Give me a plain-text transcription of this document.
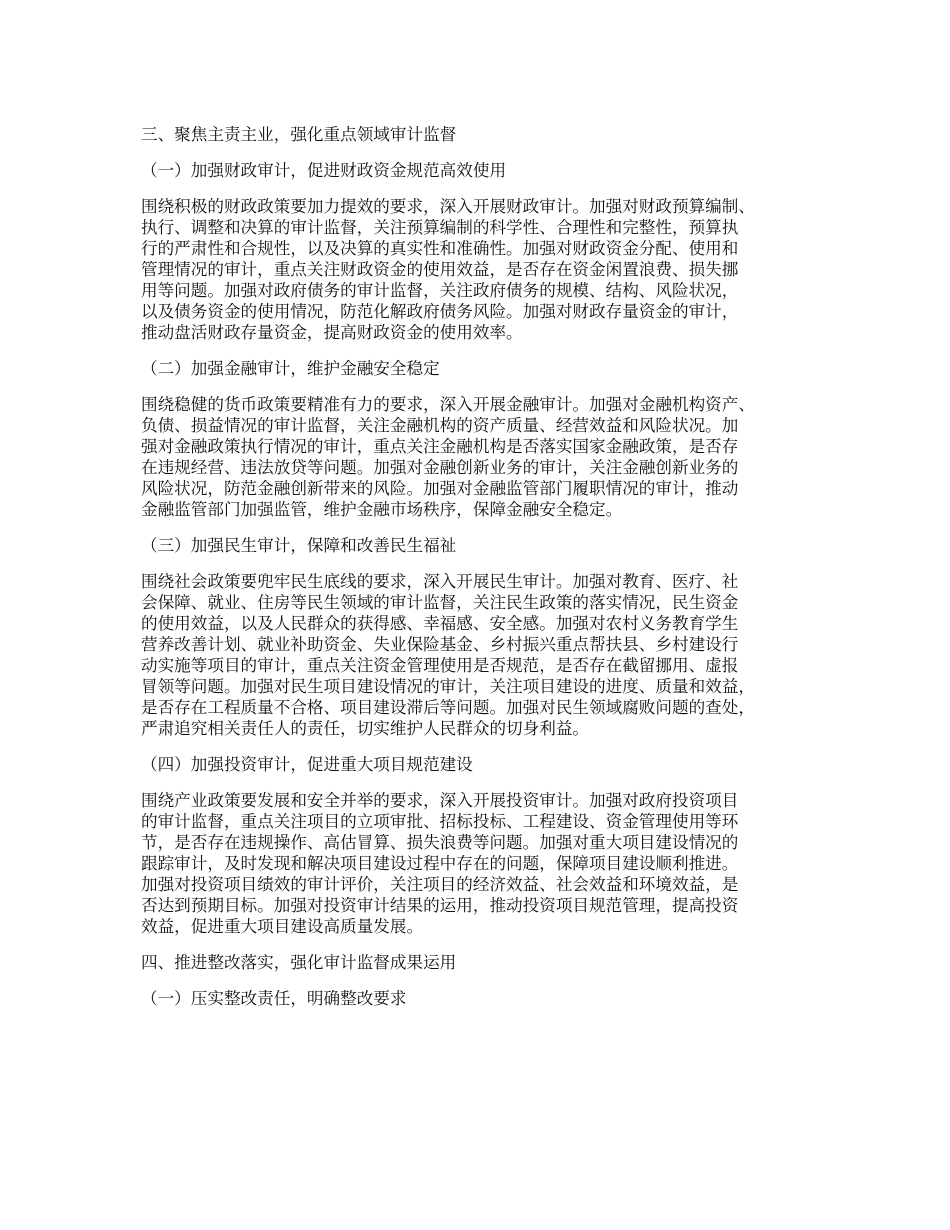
三、聚焦主责主业，强化重点领域审计监督

（一）加强财政审计，促进财政资金规范高效使用

围绕积极的财政政策要加力提效的要求，深入开展财政审计。加强对财政预算编制、
执行、调整和决算的审计监督，关注预算编制的科学性、合理性和完整性，预算执
行的严肃性和合规性，以及决算的真实性和准确性。加强对财政资金分配、使用和
管理情况的审计，重点关注财政资金的使用效益，是否存在资金闲置浪费、损失挪
用等问题。加强对政府债务的审计监督，关注政府债务的规模、结构、风险状况，
以及债务资金的使用情况，防范化解政府债务风险。加强对财政存量资金的审计，
推动盘活财政存量资金，提高财政资金的使用效率。

（二）加强金融审计，维护金融安全稳定

围绕稳健的货币政策要精准有力的要求，深入开展金融审计。加强对金融机构资产、
负债、损益情况的审计监督，关注金融机构的资产质量、经营效益和风险状况。加
强对金融政策执行情况的审计，重点关注金融机构是否落实国家金融政策，是否存
在违规经营、违法放贷等问题。加强对金融创新业务的审计，关注金融创新业务的
风险状况，防范金融创新带来的风险。加强对金融监管部门履职情况的审计，推动
金融监管部门加强监管，维护金融市场秩序，保障金融安全稳定。

（三）加强民生审计，保障和改善民生福祉

围绕社会政策要兜牢民生底线的要求，深入开展民生审计。加强对教育、医疗、社
会保障、就业、住房等民生领域的审计监督，关注民生政策的落实情况，民生资金
的使用效益，以及人民群众的获得感、幸福感、安全感。加强对农村义务教育学生
营养改善计划、就业补助资金、失业保险基金、乡村振兴重点帮扶县、乡村建设行
动实施等项目的审计，重点关注资金管理使用是否规范，是否存在截留挪用、虚报
冒领等问题。加强对民生项目建设情况的审计，关注项目建设的进度、质量和效益，
是否存在工程质量不合格、项目建设滞后等问题。加强对民生领域腐败问题的查处，
严肃追究相关责任人的责任，切实维护人民群众的切身利益。

（四）加强投资审计，促进重大项目规范建设

围绕产业政策要发展和安全并举的要求，深入开展投资审计。加强对政府投资项目
的审计监督，重点关注项目的立项审批、招标投标、工程建设、资金管理使用等环
节，是否存在违规操作、高估冒算、损失浪费等问题。加强对重大项目建设情况的
跟踪审计，及时发现和解决项目建设过程中存在的问题，保障项目建设顺利推进。
加强对投资项目绩效的审计评价，关注项目的经济效益、社会效益和环境效益，是
否达到预期目标。加强对投资审计结果的运用，推动投资项目规范管理，提高投资
效益，促进重大项目建设高质量发展。

四、推进整改落实，强化审计监督成果运用

（一）压实整改责任，明确整改要求
